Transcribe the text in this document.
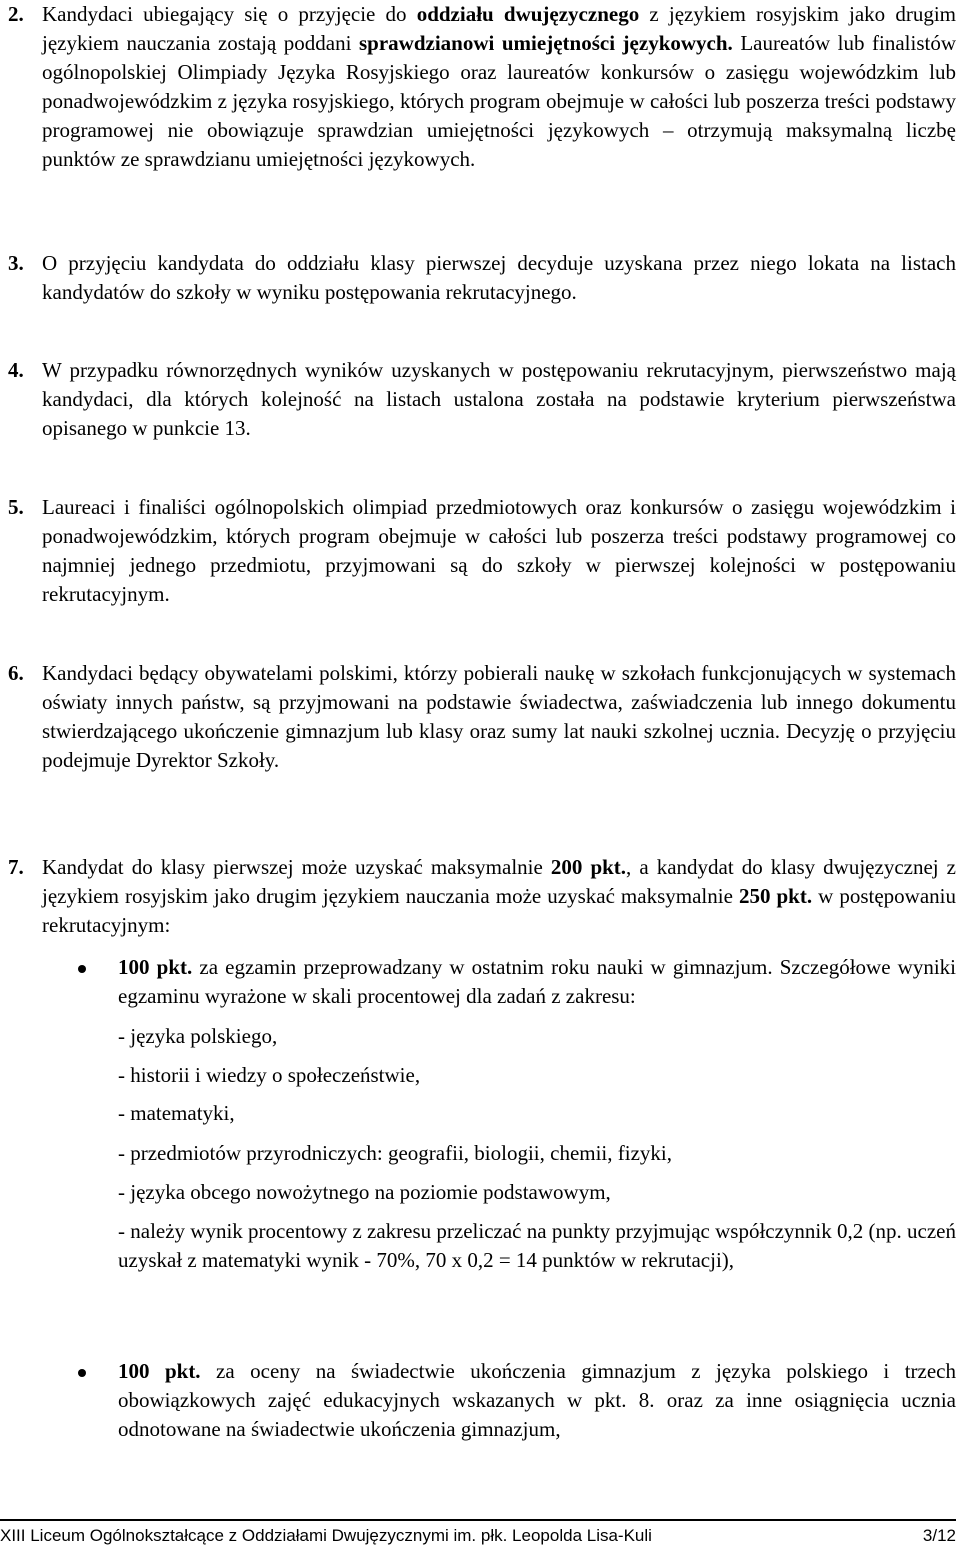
2. Kandydaci ubiegający się o przyjęcie do oddziału dwujęzycznego z językiem rosyjskim jako drugim językiem nauczania zostają poddani sprawdzianowi umiejętności językowych. Laureatów lub finalistów ogólnopolskiej Olimpiady Języka Rosyjskiego oraz laureatów konkursów o zasięgu wojewódzkim lub ponadwojewódzkim z języka rosyjskiego, których program obejmuje w całości lub poszerza treści podstawy programowej nie obowiązuje sprawdzian umiejętności językowych – otrzymują maksymalną liczbę punktów ze sprawdzianu umiejętności językowych.
3. O przyjęciu kandydata do oddziału klasy pierwszej decyduje uzyskana przez niego lokata na listach kandydatów do szkoły w wyniku postępowania rekrutacyjnego.
4. W przypadku równorzędnych wyników uzyskanych w postępowaniu rekrutacyjnym, pierwszeństwo mają kandydaci, dla których kolejność na listach ustalona została na podstawie kryterium pierwszeństwa opisanego w punkcie 13.
5. Laureaci i finaliści ogólnopolskich olimpiad przedmiotowych oraz konkursów o zasięgu wojewódzkim i ponadwojewódzkim, których program obejmuje w całości lub poszerza treści podstawy programowej co najmniej jednego przedmiotu, przyjmowani są do szkoły w pierwszej kolejności w postępowaniu rekrutacyjnym.
6. Kandydaci będący obywatelami polskimi, którzy pobierali naukę w szkołach funkcjonujących w systemach oświaty innych państw, są przyjmowani na podstawie świadectwa, zaświadczenia lub innego dokumentu stwierdzającego ukończenie gimnazjum lub klasy oraz sumy lat nauki szkolnej ucznia. Decyzję o przyjęciu podejmuje Dyrektor Szkoły.
7. Kandydat do klasy pierwszej może uzyskać maksymalnie 200 pkt., a kandydat do klasy dwujęzycznej z językiem rosyjskim jako drugim językiem nauczania może uzyskać maksymalnie 250 pkt. w postępowaniu rekrutacyjnym:
100 pkt. za egzamin przeprowadzany w ostatnim roku nauki w gimnazjum. Szczegółowe wyniki egzaminu wyrażone w skali procentowej dla zadań z zakresu:
- języka polskiego,
- historii i wiedzy o społeczeństwie,
- matematyki,
- przedmiotów przyrodniczych: geografii, biologii, chemii, fizyki,
- języka obcego nowożytnego na poziomie podstawowym,
- należy wynik procentowy z zakresu przeliczać na punkty przyjmując współczynnik 0,2 (np. uczeń uzyskał z matematyki wynik - 70%, 70 x 0,2 = 14 punktów w rekrutacji),
100 pkt. za oceny na świadectwie ukończenia gimnazjum z języka polskiego i trzech obowiązkowych zajęć edukacyjnych wskazanych w pkt. 8. oraz za inne osiągnięcia ucznia odnotowane na świadectwie ukończenia gimnazjum,
XIII Liceum Ogólnokształcące z Oddziałami Dwujęzycznymi im. płk. Leopolda Lisa-Kuli	3/12
